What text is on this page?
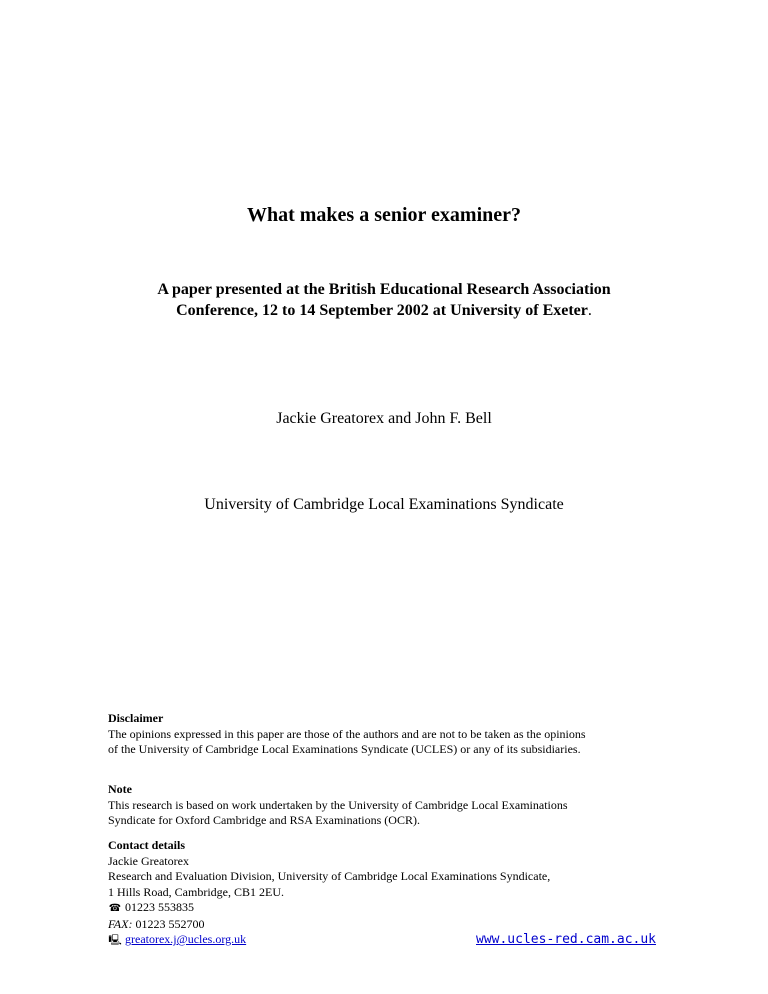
What makes a senior examiner?
A paper presented at the British Educational Research Association
Conference, 12 to 14 September 2002 at University of Exeter.
Jackie Greatorex and John F. Bell
University of Cambridge Local Examinations Syndicate
Disclaimer
The opinions expressed in this paper are those of the authors and are not to be taken as the opinions
of the University of Cambridge Local Examinations Syndicate (UCLES) or any of its subsidiaries.
Note
This research is based on work undertaken by the University of Cambridge Local Examinations
Syndicate for Oxford Cambridge and RSA Examinations (OCR).
Contact details
Jackie Greatorex
Research and Evaluation Division, University of Cambridge Local Examinations Syndicate,
1 Hills Road, Cambridge, CB1 2EU.
☎ 01223 553835
FAX: 01223 552700
🖳 greatorex.j@ucles.org.uk	www.ucles-red.cam.ac.uk
